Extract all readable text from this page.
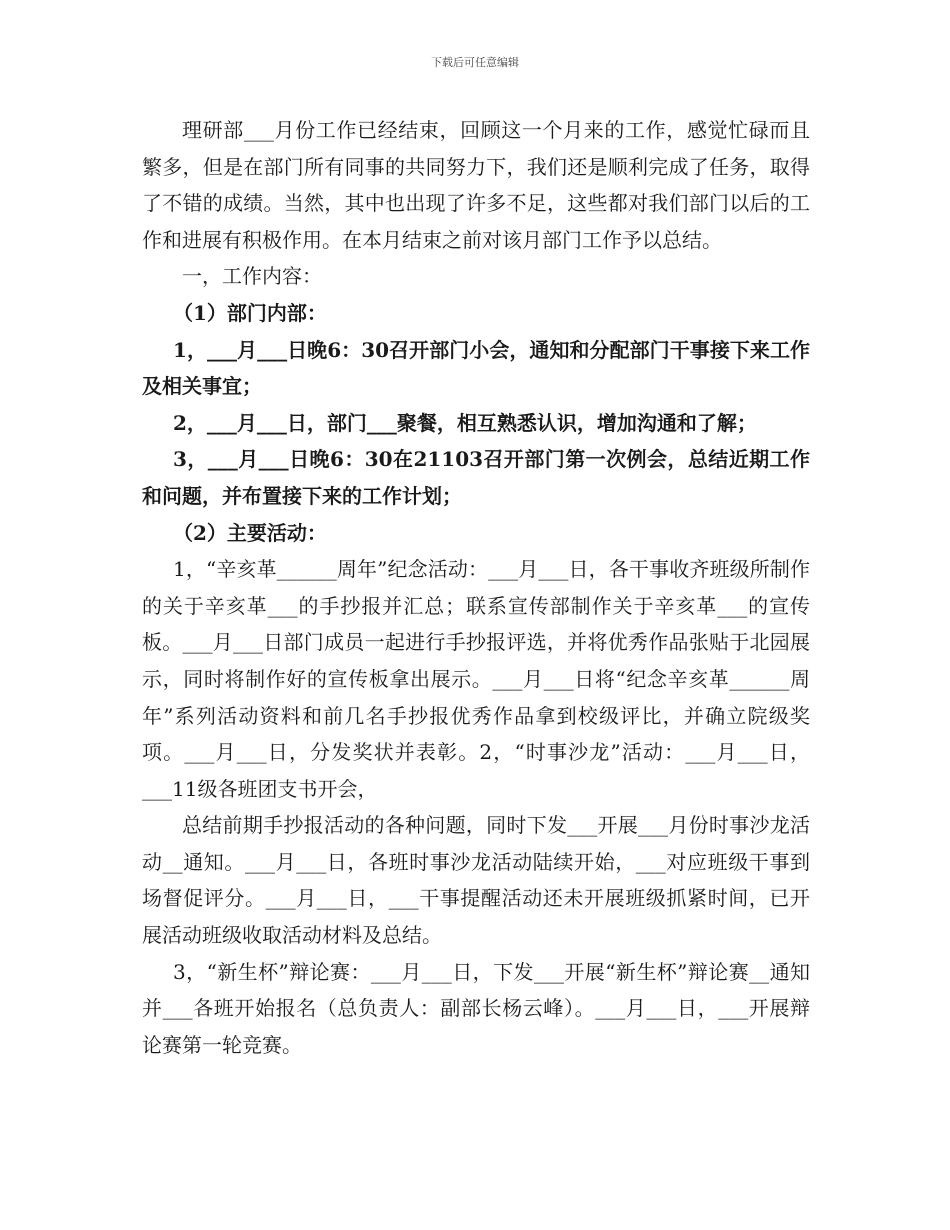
下载后可任意编辑

理研部___月份工作已经结束，回顾这一个月来的工作，感觉忙碌而且繁多，但是在部门所有同事的共同努力下，我们还是顺利完成了任务，取得了不错的成绩。当然，其中也出现了许多不足，这些都对我们部门以后的工作和进展有积极作用。在本月结束之前对该月部门工作予以总结。

一，工作内容：

（1）部门内部：

1，___月___日晚6：30召开部门小会，通知和分配部门干事接下来工作及相关事宜；

2，___月___日，部门___聚餐，相互熟悉认识，增加沟通和了解；

3，___月___日晚6：30在21103召开部门第一次例会，总结近期工作和问题，并布置接下来的工作计划；

（2）主要活动：

1，“辛亥革______周年”纪念活动：___月___日，各干事收齐班级所制作的关于辛亥革___的手抄报并汇总；联系宣传部制作关于辛亥革___的宣传板。___月___日部门成员一起进行手抄报评选，并将优秀作品张贴于北园展示，同时将制作好的宣传板拿出展示。___月___日将“纪念辛亥革______周年”系列活动资料和前几名手抄报优秀作品拿到校级评比，并确立院级奖项。___月___日，分发奖状并表彰。2，“时事沙龙”活动：___月___日，___11级各班团支书开会，

总结前期手抄报活动的各种问题，同时下发___开展___月份时事沙龙活动__通知。___月___日，各班时事沙龙活动陆续开始，___对应班级干事到场督促评分。___月___日，___干事提醒活动还未开展班级抓紧时间，已开展活动班级收取活动材料及总结。

3，“新生杯”辩论赛：___月___日，下发___开展“新生杯”辩论赛__通知并___各班开始报名（总负责人：副部长杨云峰）。___月___日，___开展辩论赛第一轮竞赛。
